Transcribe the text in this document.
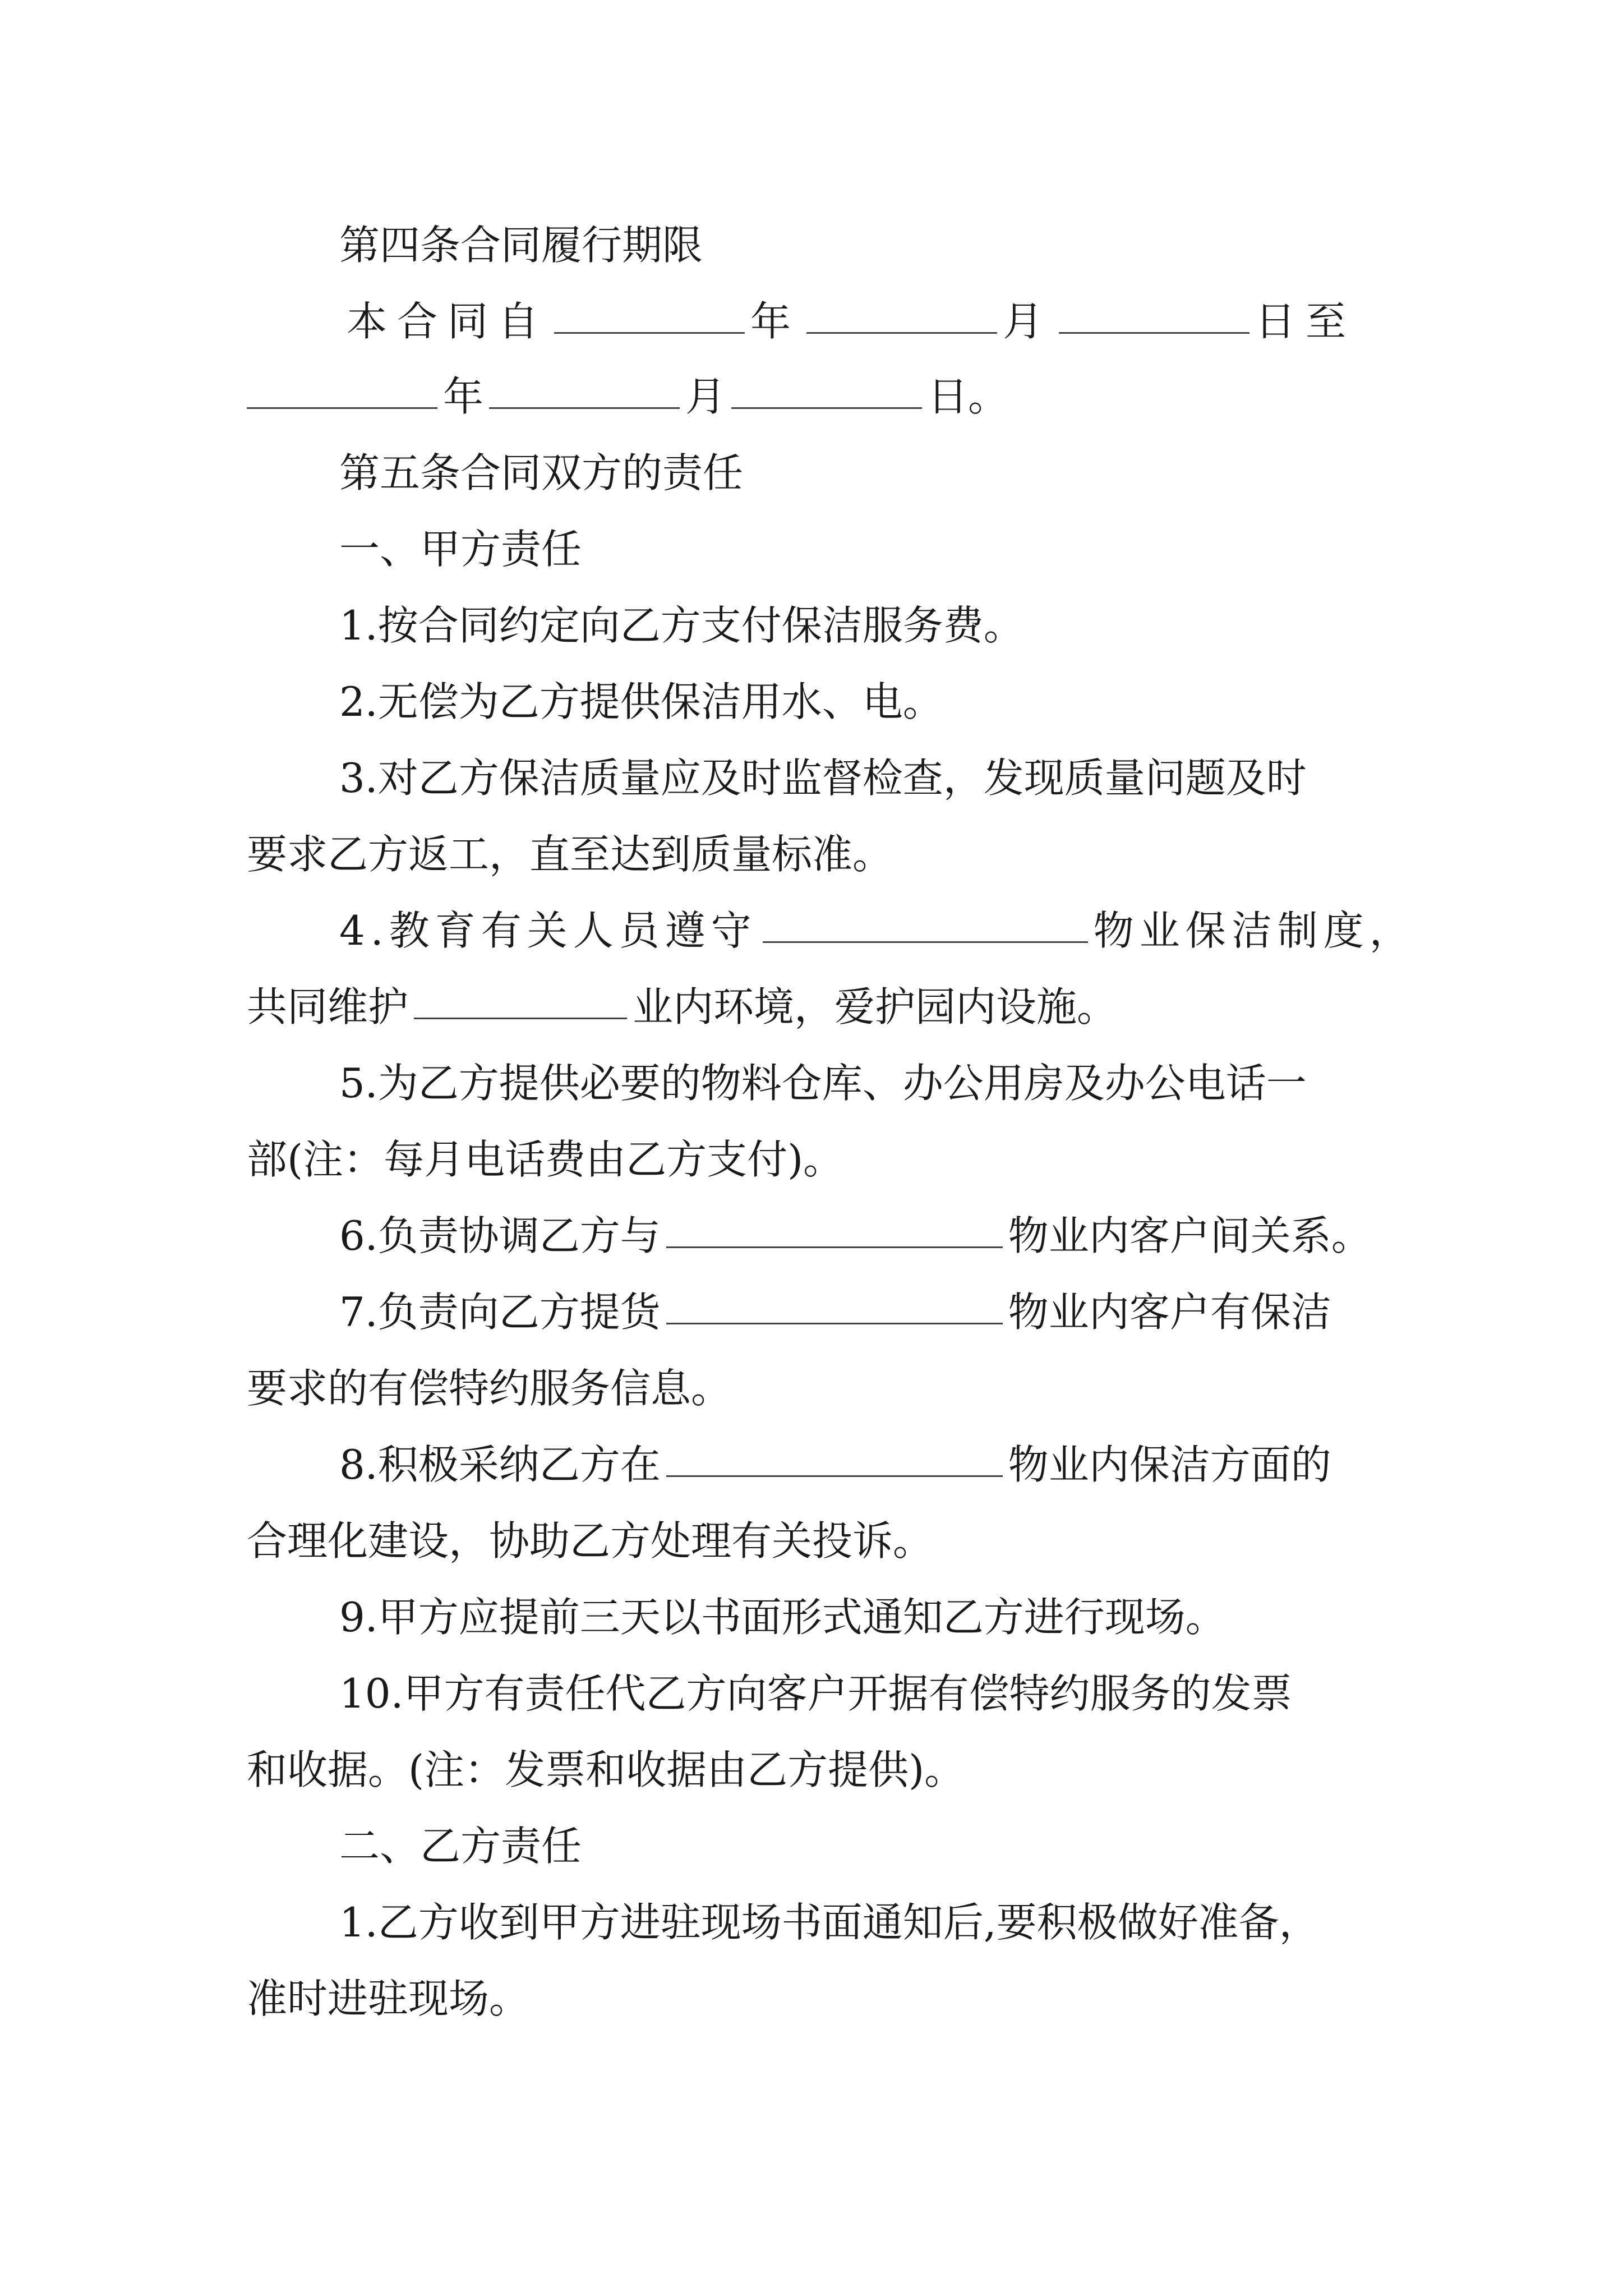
第四条合同履行期限
本合同自	年	月	日至
年	月	日。
第五条合同双方的责任
一、甲方责任
1.按合同约定向乙方支付保洁服务费。
2.无偿为乙方提供保洁用水、电。
3.对乙方保洁质量应及时监督检查，发现质量问题及时
要求乙方返工，直至达到质量标准。
4.教育有关人员遵守	物业保洁制度，
共同维护	业内环境，爱护园内设施。
5.为乙方提供必要的物料仓库、办公用房及办公电话一
部(注：每月电话费由乙方支付)。
6.负责协调乙方与	物业内客户间关系。
7.负责向乙方提货	物业内客户有保洁
要求的有偿特约服务信息。
8.积极采纳乙方在	物业内保洁方面的
合理化建设，协助乙方处理有关投诉。
9.甲方应提前三天以书面形式通知乙方进行现场。
10.甲方有责任代乙方向客户开据有偿特约服务的发票
和收据。(注：发票和收据由乙方提供)。
二、乙方责任
1.乙方收到甲方进驻现场书面通知后,要积极做好准备，
准时进驻现场。
